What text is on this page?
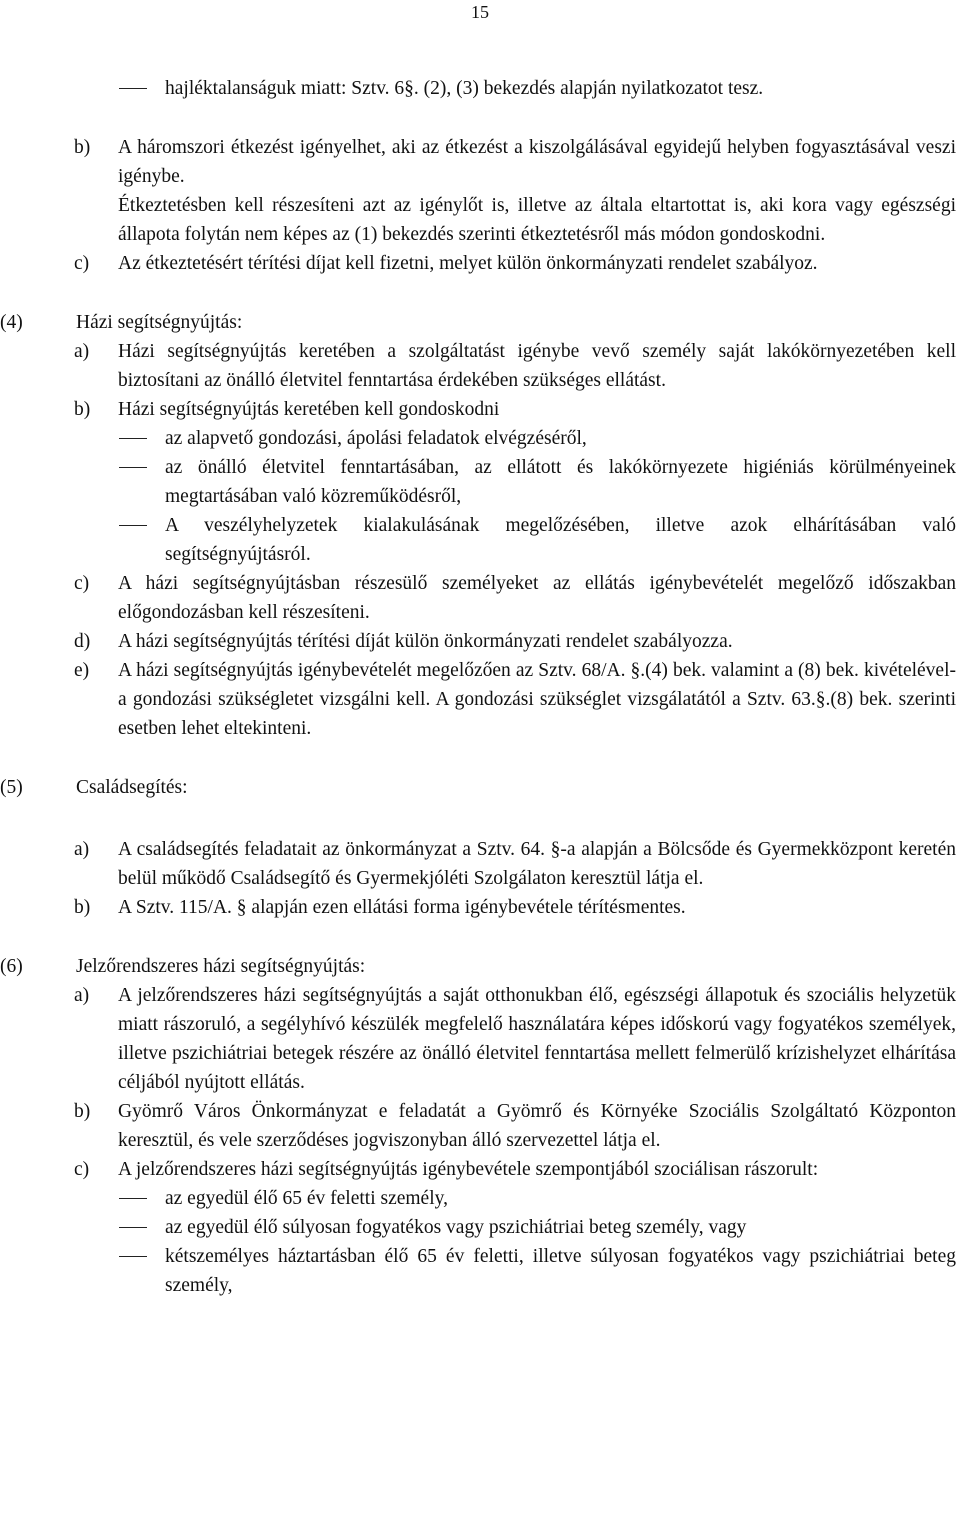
15
hajléktalanságuk miatt: Sztv. 6§. (2), (3) bekezdés alapján nyilatkozatot tesz.
b) A háromszori étkezést igényelhet, aki az étkezést a kiszolgálásával egyidejű helyben fogyasztásával veszi igénybe.
Étkeztetésben kell részesíteni azt az igénylőt is, illetve az általa eltartottat is, aki kora vagy egészségi állapota folytán nem képes az (1) bekezdés szerinti étkeztetésről más módon gondoskodni.
c) Az étkeztetésért térítési díjat kell fizetni, melyet külön önkormányzati rendelet szabályoz.
(4)	Házi segítségnyújtás:
a) Házi segítségnyújtás keretében a szolgáltatást igénybe vevő személy saját lakókörnyezetében kell biztosítani az önálló életvitel fenntartása érdekében szükséges ellátást.
b) Házi segítségnyújtás keretében kell gondoskodni
az alapvető gondozási, ápolási feladatok elvégzéséről,
az önálló életvitel fenntartásában, az ellátott és lakókörnyezete higiéniás körülményeinek megtartásában való közreműködésről,
A veszélyhelyzetek kialakulásának megelőzésében, illetve azok elhárításában való segítségnyújtásról.
c) A házi segítségnyújtásban részesülő személyeket az ellátás igénybevételét megelőző időszakban előgondozásban kell részesíteni.
d) A házi segítségnyújtás térítési díját külön önkormányzati rendelet szabályozza.
e) A házi segítségnyújtás igénybevételét megelőzően az Sztv. 68/A. §.(4) bek. valamint a (8) bek. kivételével- a gondozási szükségletet vizsgálni kell. A gondozási szükséglet vizsgálatától a Sztv. 63.§.(8) bek. szerinti esetben lehet eltekinteni.
(5)	Családsegítés:
a) A családsegítés feladatait az önkormányzat a Sztv. 64. §-a alapján a Bölcsőde és Gyermekközpont keretén belül működő Családsegítő és Gyermekjóléti Szolgálaton keresztül látja el.
b) A Sztv. 115/A. § alapján ezen ellátási forma igénybevétele térítésmentes.
(6)	Jelzőrendszeres házi segítségnyújtás:
a) A jelzőrendszeres házi segítségnyújtás a saját otthonukban élő, egészségi állapotuk és szociális helyzetük miatt rászoruló, a segélyhívó készülék megfelelő használatára képes időskorú vagy fogyatékos személyek, illetve pszichiátriai betegek részére az önálló életvitel fenntartása mellett felmerülő krízishelyzet elhárítása céljából nyújtott ellátás.
b) Gyömrő Város Önkormányzat e feladatát a Gyömrő és Környéke Szociális Szolgáltató Központon keresztül, és vele szerződéses jogviszonyban álló szervezettel látja el.
c) A jelzőrendszeres házi segítségnyújtás igénybevétele szempontjából szociálisan rászorult:
az egyedül élő 65 év feletti személy,
az egyedül élő súlyosan fogyatékos vagy pszichiátriai beteg személy, vagy
kétszemélyes háztartásban élő 65 év feletti, illetve súlyosan fogyatékos vagy pszichiátriai beteg személy,
